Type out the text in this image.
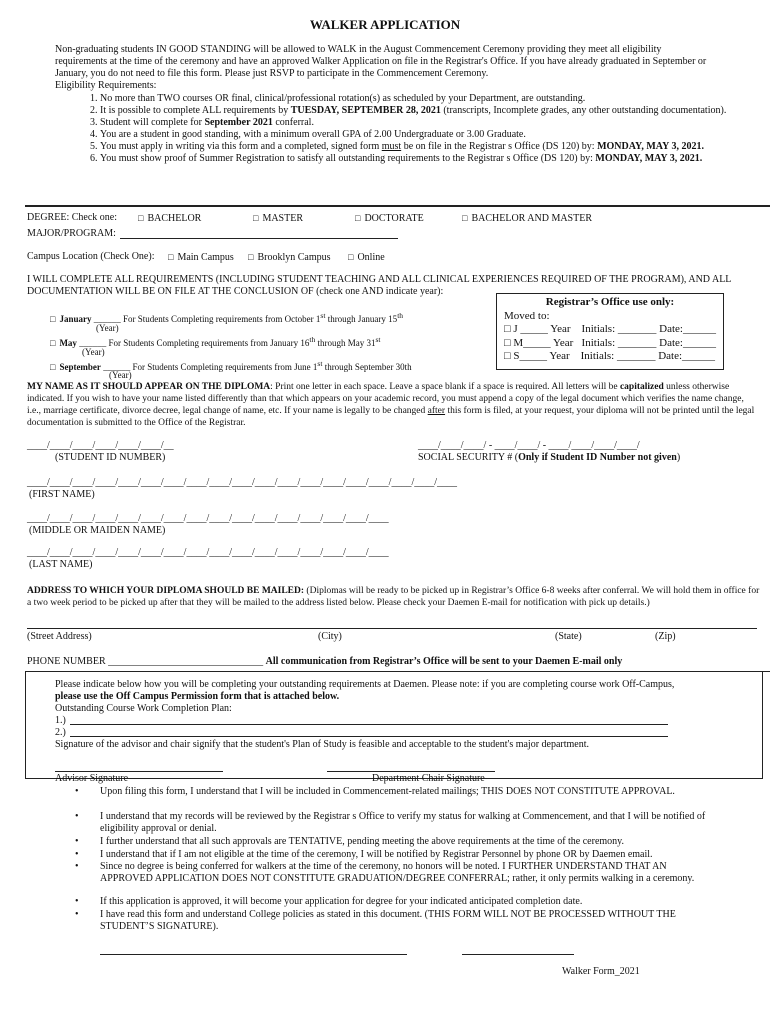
WALKER APPLICATION
Non-graduating students IN GOOD STANDING will be allowed to WALK in the August Commencement Ceremony providing they meet all eligibility requirements at the time of the ceremony and have an approved Walker Application on file in the Registrar's Office. If you have already graduated in September or January, you do not need to file this form. Please just RSVP to participate in the Commencement Ceremony.
Eligibility Requirements:
1. No more than TWO courses OR final, clinical/professional rotation(s) as scheduled by your Department, are outstanding.
2. It is possible to complete ALL requirements by TUESDAY, SEPTEMBER 28, 2021 (transcripts, Incomplete grades, any other outstanding documentation).
3. Student will complete for September 2021 conferral.
4. You are a student in good standing, with a minimum overall GPA of 2.00 Undergraduate or 3.00 Graduate.
5. You must apply in writing via this form and a completed, signed form must be on file in the Registrar s Office (DS 120) by: MONDAY, MAY 3, 2021.
6. You must show proof of Summer Registration to satisfy all outstanding requirements to the Registrar s Office (DS 120) by: MONDAY, MAY 3, 2021.
DEGREE: Check one: □ BACHELOR	□ MASTER	□ DOCTORATE	□ BACHELOR AND MASTER
MAJOR/PROGRAM:
Campus Location (Check One): □ Main Campus □ Brooklyn Campus □ Online
I WILL COMPLETE ALL REQUIREMENTS (INCLUDING STUDENT TEACHING AND ALL CLINICAL EXPERIENCES REQUIRED OF THE PROGRAM), AND ALL DOCUMENTATION WILL BE ON FILE AT THE CONCLUSION OF (check one AND indicate year):
□ January ______ For Students Completing requirements from October 1st through January 15th
(Year)
□ May ______ For Students Completing requirements from January 16th through May 31st
(Year)
□ September ______ For Students Completing requirements from June 1st through September 30th
(Year)
Registrar’s Office use only:
Moved to:
□ J _____ Year    Initials: _______ Date:______
□ M_____ Year   Initials: _______ Date:______
□ S_____ Year    Initials: _______ Date:______
MY NAME AS IT SHOULD APPEAR ON THE DIPLOMA: Print one letter in each space. Leave a space blank if a space is required. All letters will be capitalized unless otherwise indicated. If you wish to have your name listed differently than that which appears on your academic record, you must append a copy of the legal document which verifies the name change, i.e., marriage certificate, divorce decree, legal change of name, etc. If your name is legally to be changed after this form is filed, at your request, your diploma will not be printed until the legal documentation is submitted to the Office of the Registrar.
____/____/____/____/____/____/__
(STUDENT ID NUMBER)
____/____/____/ - ____/____/ - ____/____/____/____/
SOCIAL SECURITY # (Only if Student ID Number not given)
____/____/____/____/____/____/____/____/____/____/____/____/____/____/____/____/____/____/____
(FIRST NAME)
____/____/____/____/____/____/____/____/____/____/____/____/____/____/____/____
(MIDDLE OR MAIDEN NAME)
____/____/____/____/____/____/____/____/____/____/____/____/____/____/____/____
(LAST NAME)
ADDRESS TO WHICH YOUR DIPLOMA SHOULD BE MAILED: (Diplomas will be ready to be picked up in Registrar’s Office 6-8 weeks after conferral. We will hold them in office for a two week period to be picked up after that they will be mailed to the address listed below. Please check your Daemen E-mail for notification with pick up details.)
(Street Address)	(City)	(State)	(Zip)
PHONE NUMBER _______________________________ All communication from Registrar’s Office will be sent to your Daemen E-mail only
Please indicate below how you will be completing your outstanding requirements at Daemen. Please note: if you are completing course work Off-Campus, please use the Off Campus Permission form that is attached below.
Outstanding Course Work Completion Plan:
1.)
2.)
Signature of the advisor and chair signify that the student's Plan of Study is feasible and acceptable to the student's major department.
Advisor Signature	Department Chair Signature
• Upon filing this form, I understand that I will be included in Commencement-related mailings; THIS DOES NOT CONSTITUTE APPROVAL.
• I understand that my records will be reviewed by the Registrar s Office to verify my status for walking at Commencement, and that I will be notified of eligibility approval or denial.
• I further understand that all such approvals are TENTATIVE, pending meeting the above requirements at the time of the ceremony.
• I understand that if I am not eligible at the time of the ceremony, I will be notified by Registrar Personnel by phone OR by Daemen email.
• Since no degree is being conferred for walkers at the time of the ceremony, no honors will be noted. I FURTHER UNDERSTAND THAT AN APPROVED APPLICATION DOES NOT CONSTITUTE GRADUATION/DEGREE CONFERRAL; rather, it only permits walking in a ceremony.
• If this application is approved, it will become your application for degree for your indicated anticipated completion date.
• I have read this form and understand College policies as stated in this document. (THIS FORM WILL NOT BE PROCESSED WITHOUT THE STUDENT’S SIGNATURE).
Walker Form_2021
